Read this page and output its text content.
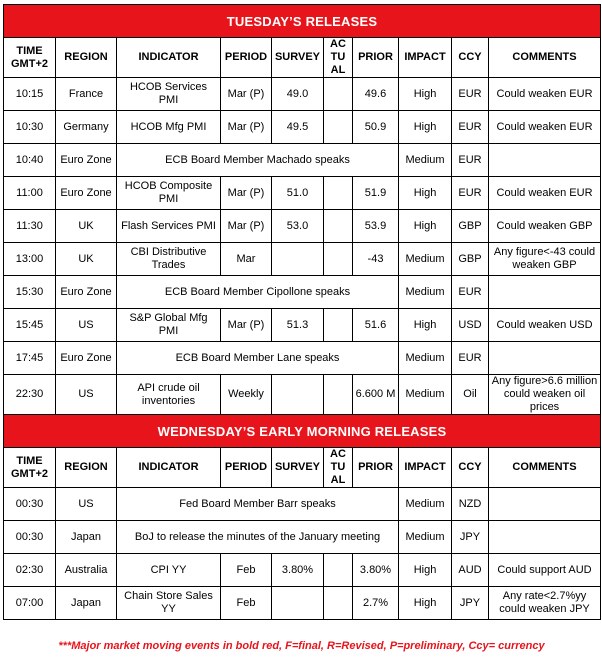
TUESDAY’S RELEASES									
TIME GMT+2	REGION	INDICATOR	PERIOD	SURVEY	AC TU AL	PRIOR	IMPACT	CCY	COMMENTS
10:15	France	HCOB Services PMI	Mar (P)	49.0		49.6	High	EUR	Could weaken EUR
10:30	Germany	HCOB Mfg PMI	Mar (P)	49.5		50.9	High	EUR	Could weaken EUR
10:40	Euro Zone	ECB Board Member Machado speaks					Medium	EUR	
11:00	Euro Zone	HCOB Composite PMI	Mar (P)	51.0		51.9	High	EUR	Could weaken EUR
11:30	UK	Flash Services PMI	Mar (P)	53.0		53.9	High	GBP	Could weaken GBP
13:00	UK	CBI Distributive Trades	Mar			-43	Medium	GBP	Any figure<-43 could weaken GBP
15:30	Euro Zone	ECB Board Member Cipollone speaks					Medium	EUR	
15:45	US	S&P Global Mfg PMI	Mar (P)	51.3		51.6	High	USD	Could weaken USD
17:45	Euro Zone	ECB Board Member Lane speaks					Medium	EUR	
22:30	US	API crude oil inventories	Weekly			6.600 M	Medium	Oil	Any figure>6.6 million could weaken oil prices
WEDNESDAY’S EARLY MORNING RELEASES									
TIME GMT+2	REGION	INDICATOR	PERIOD	SURVEY	AC TU AL	PRIOR	IMPACT	CCY	COMMENTS
00:30	US	Fed Board Member Barr speaks					Medium	NZD	
00:30	Japan	BoJ to release the minutes of the January meeting					Medium	JPY	
02:30	Australia	CPI YY	Feb	3.80%		3.80%	High	AUD	Could support AUD
07:00	Japan	Chain Store Sales YY	Feb			2.7%	High	JPY	Any rate<2.7%yy could weaken JPY
***Major market moving events in bold red, F=final, R=Revised, P=preliminary, Ccy= currency
